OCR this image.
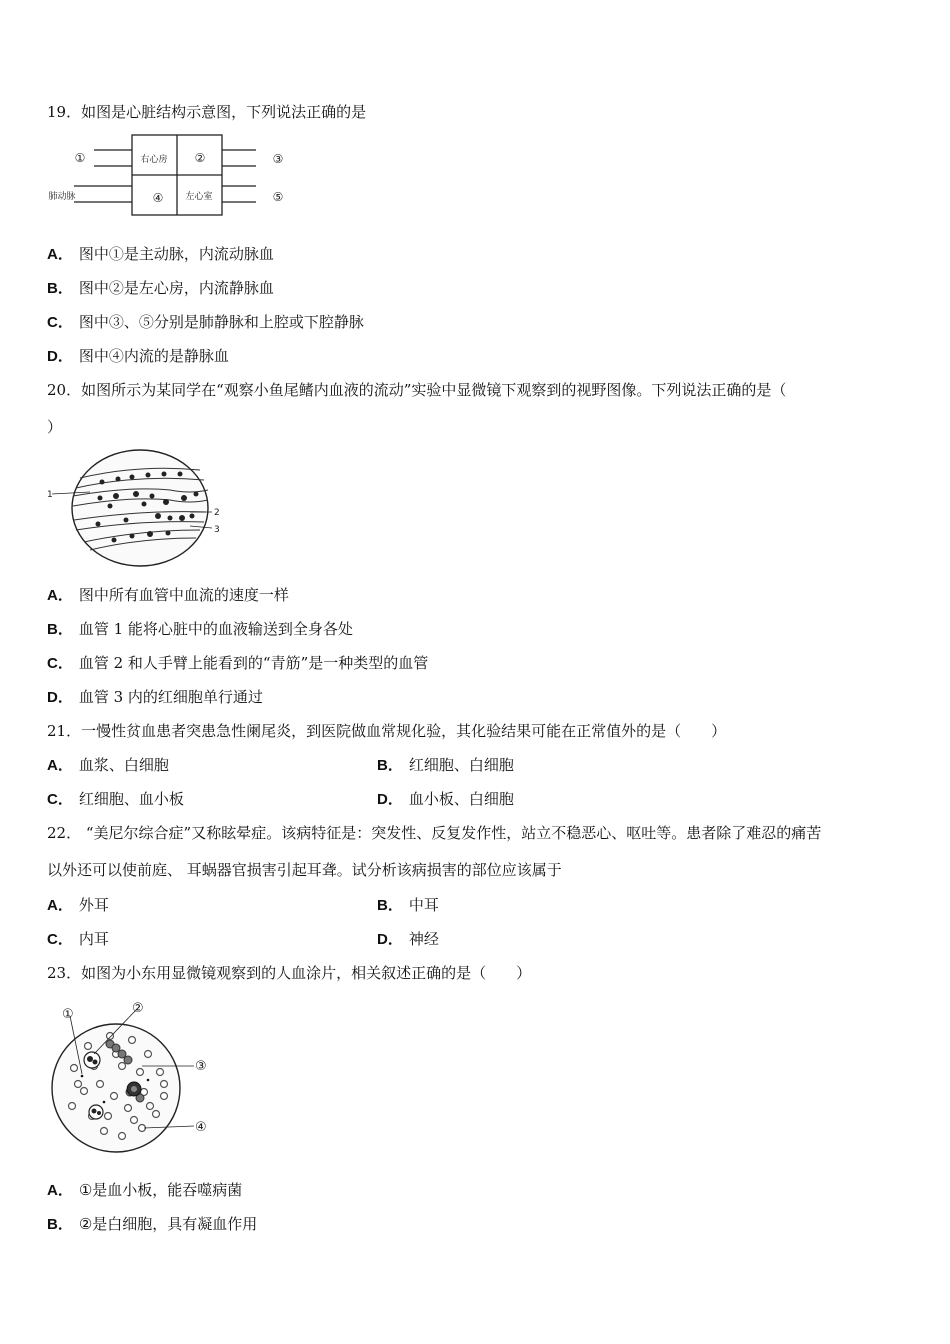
19．如图是心脏结构示意图，下列说法正确的是
①	②	③
④	⑤
右心房
左心室
肺动脉
A． 图中①是主动脉，内流动脉血
B． 图中②是左心房，内流静脉血
C． 图中③、⑤分别是肺静脉和上腔或下腔静脉
D． 图中④内流的是静脉血
20．如图所示为某同学在“观察小鱼尾鳍内血液的流动”实验中显微镜下观察到的视野图像。下列说法正确的是（
）
1
2
3
A． 图中所有血管中血流的速度一样
B． 血管 1 能将心脏中的血液输送到全身各处
C． 血管 2 和人手臂上能看到的“青筋”是一种类型的血管
D． 血管 3 内的红细胞单行通过
21．一慢性贫血患者突患急性阑尾炎，到医院做血常规化验，其化验结果可能在正常值外的是（　　）
A． 血浆、白细胞	B． 红细胞、白细胞
C． 红细胞、血小板	D． 血小板、白细胞
22． “美尼尔综合症”又称眩晕症。该病特征是：突发性、反复发作性，站立不稳恶心、呕吐等。患者除了难忍的痛苦
以外还可以使前庭、 耳蜗器官损害引起耳聋。试分析该病损害的部位应该属于
A． 外耳	B． 中耳
C． 内耳	D． 神经
23．如图为小东用显微镜观察到的人血涂片，相关叙述正确的是（　　）
①	②
③
④
A． ①是血小板，能吞噬病菌
B． ②是白细胞，具有凝血作用
